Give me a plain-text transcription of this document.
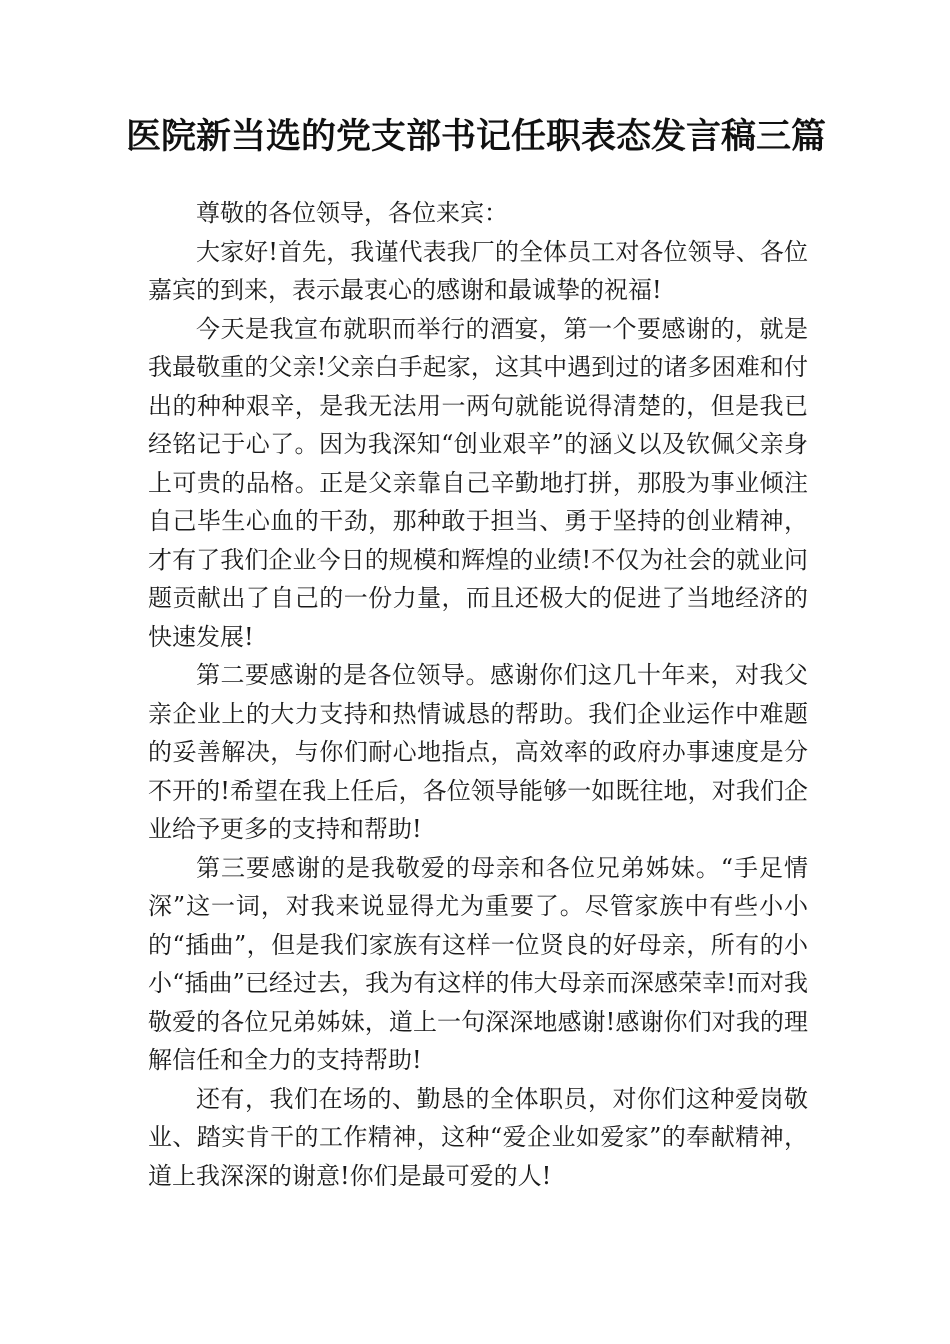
医院新当选的党支部书记任职表态发言稿三篇

尊敬的各位领导，各位来宾：

大家好!首先，我谨代表我厂的全体员工对各位领导、各位嘉宾的到来，表示最衷心的感谢和最诚挚的祝福!

今天是我宣布就职而举行的酒宴，第一个要感谢的，就是我最敬重的父亲!父亲白手起家，这其中遇到过的诸多困难和付出的种种艰辛，是我无法用一两句就能说得清楚的，但是我已经铭记于心了。因为我深知“创业艰辛”的涵义以及钦佩父亲身上可贵的品格。正是父亲靠自己辛勤地打拼，那股为事业倾注自己毕生心血的干劲，那种敢于担当、勇于坚持的创业精神，才有了我们企业今日的规模和辉煌的业绩!不仅为社会的就业问题贡献出了自己的一份力量，而且还极大的促进了当地经济的快速发展!

第二要感谢的是各位领导。感谢你们这几十年来，对我父亲企业上的大力支持和热情诚恳的帮助。我们企业运作中难题的妥善解决，与你们耐心地指点，高效率的政府办事速度是分不开的!希望在我上任后，各位领导能够一如既往地，对我们企业给予更多的支持和帮助!

第三要感谢的是我敬爱的母亲和各位兄弟姊妹。“手足情深”这一词，对我来说显得尤为重要了。尽管家族中有些小小的“插曲”，但是我们家族有这样一位贤良的好母亲，所有的小小“插曲”已经过去，我为有这样的伟大母亲而深感荣幸!而对我敬爱的各位兄弟姊妹，道上一句深深地感谢!感谢你们对我的理解信任和全力的支持帮助!

还有，我们在场的、勤恳的全体职员，对你们这种爱岗敬业、踏实肯干的工作精神，这种“爱企业如爱家”的奉献精神，道上我深深的谢意!你们是最可爱的人!
